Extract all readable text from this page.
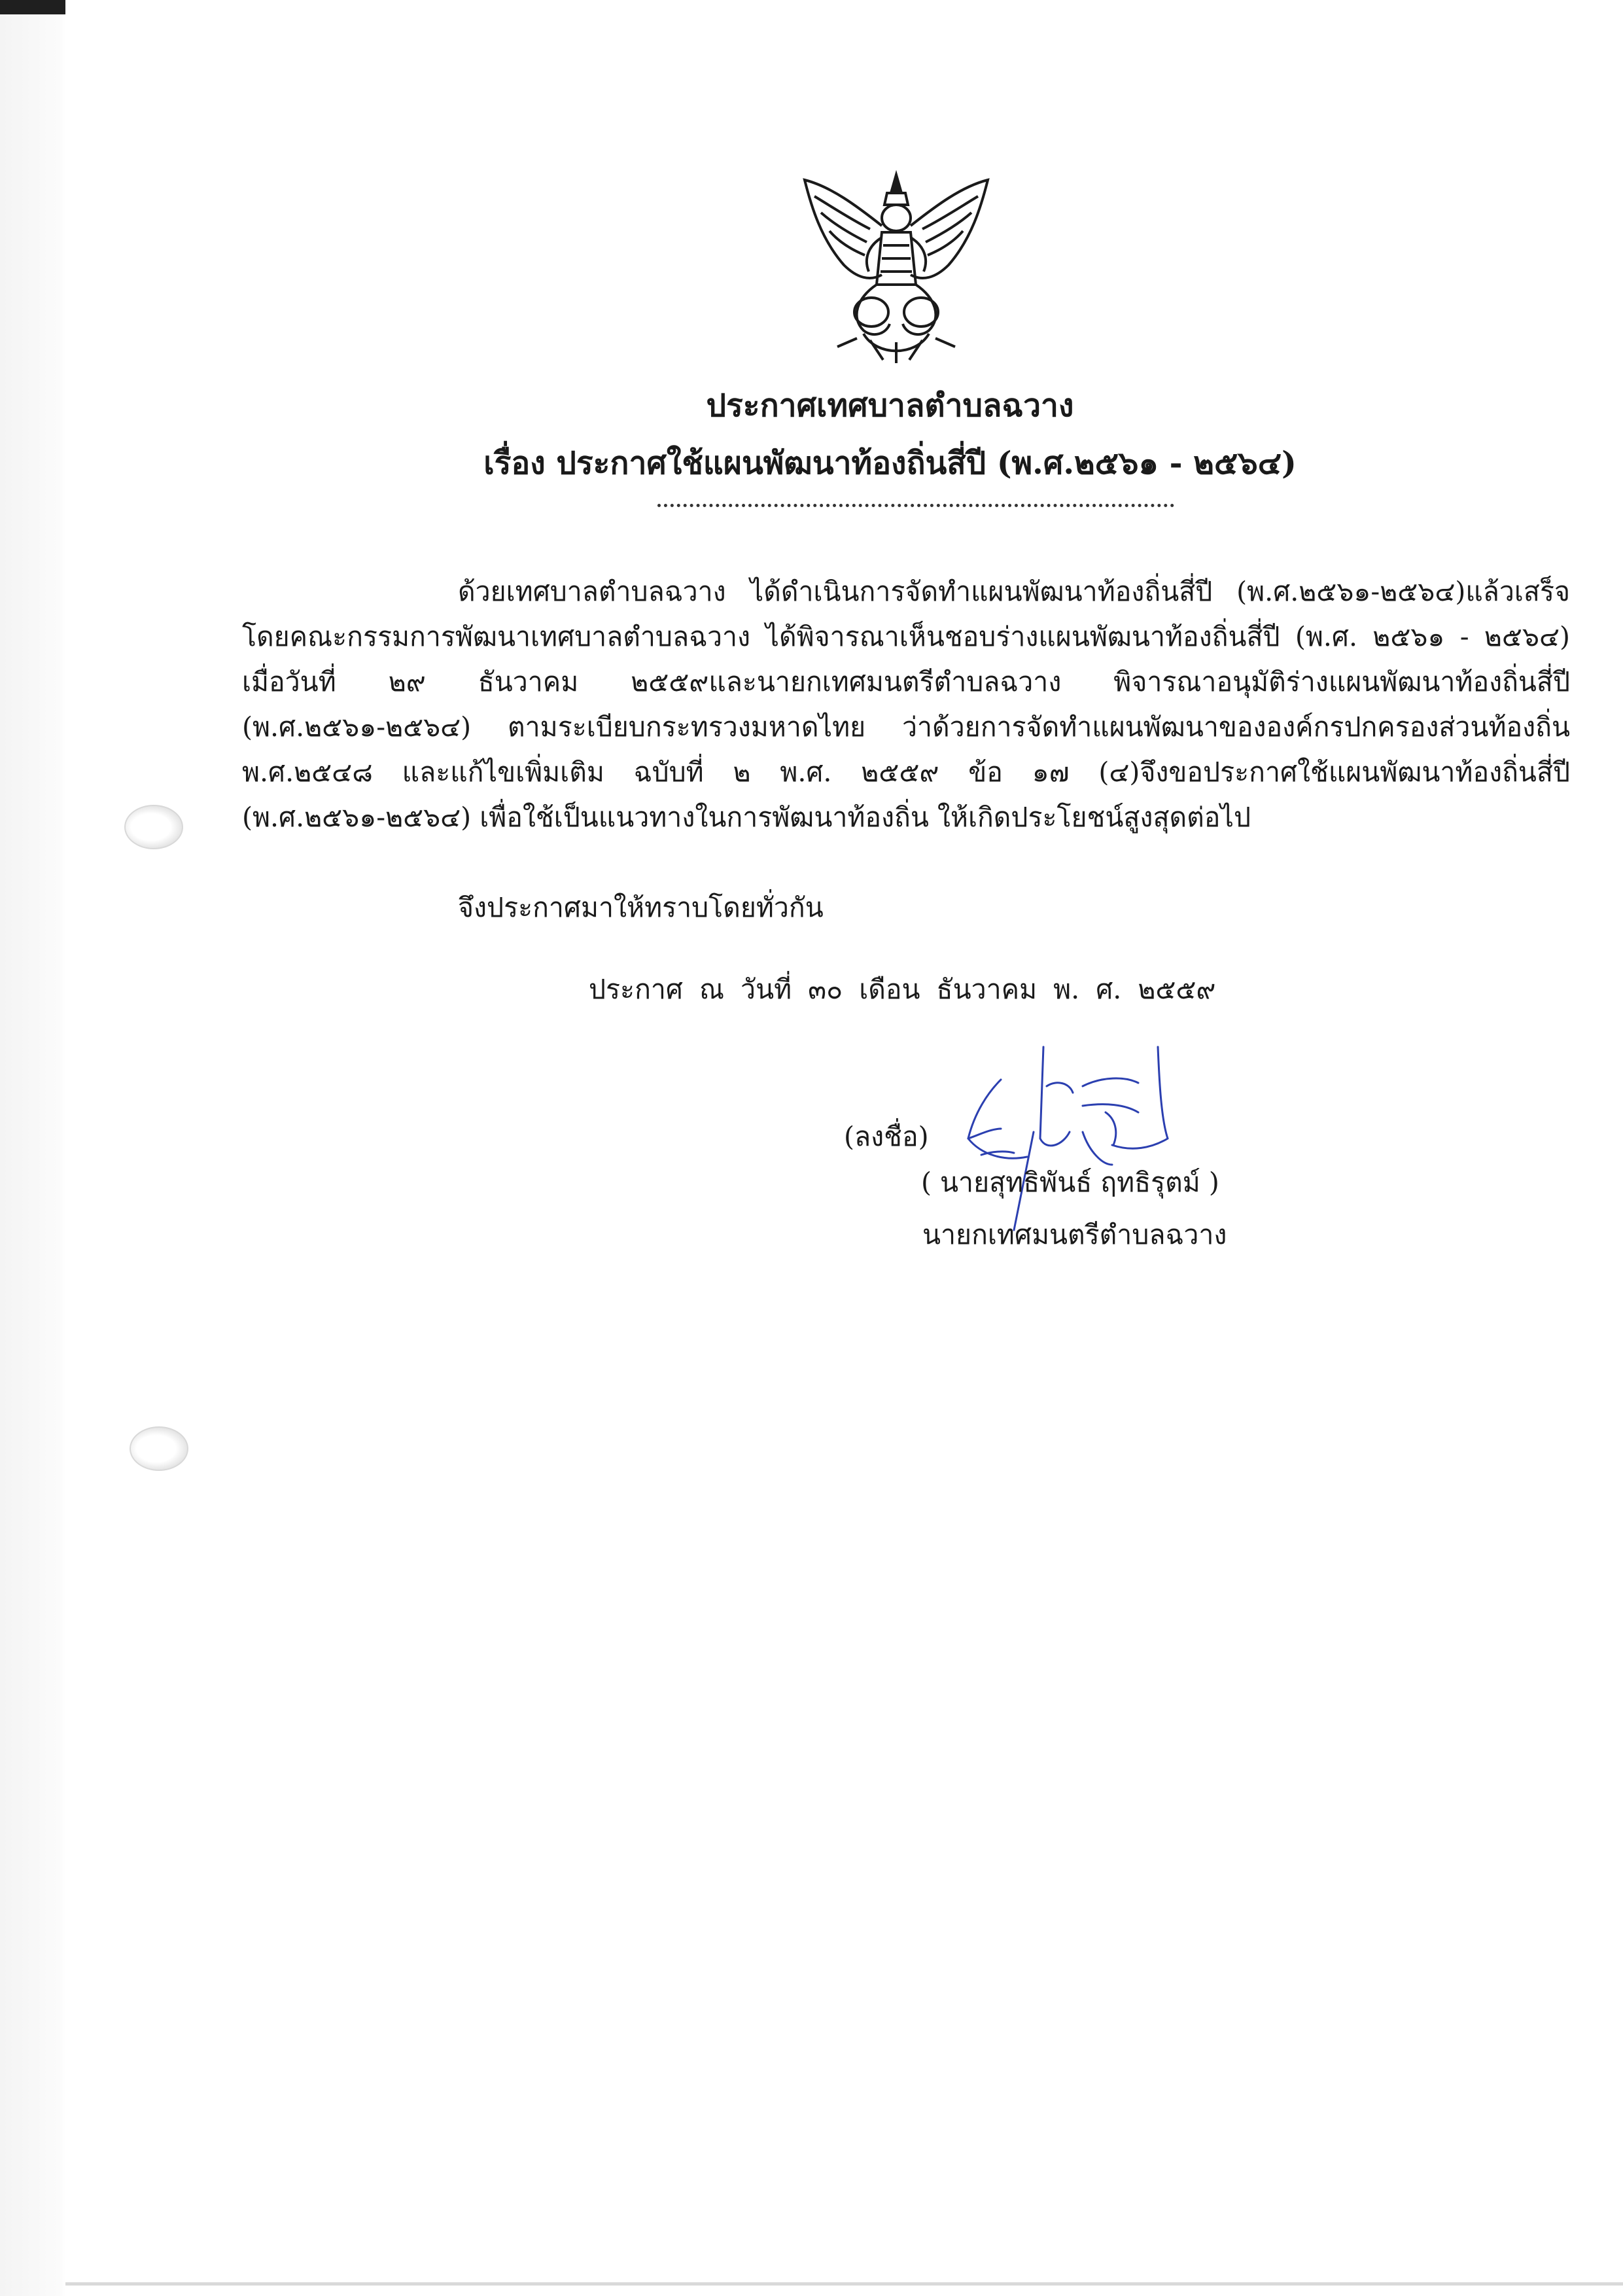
ประกาศเทศบาลตำบลฉวาง
เรื่อง ประกาศใช้แผนพัฒนาท้องถิ่นสี่ปี (พ.ศ.๒๕๖๑ - ๒๕๖๔)
ด้วยเทศบาลตำบลฉวาง ได้ดำเนินการจัดทำแผนพัฒนาท้องถิ่นสี่ปี (พ.ศ.๒๕๖๑-๒๕๖๔)แล้วเสร็จ โดยคณะกรรมการพัฒนาเทศบาลตำบลฉวาง ได้พิจารณาเห็นชอบร่างแผนพัฒนาท้องถิ่นสี่ปี (พ.ศ. ๒๕๖๑ - ๒๕๖๔) เมื่อวันที่ ๒๙ ธันวาคม ๒๕๕๙และนายกเทศมนตรีตำบลฉวาง พิจารณาอนุมัติร่างแผนพัฒนาท้องถิ่นสี่ปี (พ.ศ.๒๕๖๑-๒๕๖๔) ตามระเบียบกระทรวงมหาดไทย ว่าด้วยการจัดทำแผนพัฒนาขององค์กรปกครองส่วนท้องถิ่น พ.ศ.๒๕๔๘ และแก้ไขเพิ่มเติม ฉบับที่ ๒ พ.ศ. ๒๕๕๙ ข้อ ๑๗ (๔)จึงขอประกาศใช้แผนพัฒนาท้องถิ่นสี่ปี (พ.ศ.๒๕๖๑-๒๕๖๔) เพื่อใช้เป็นแนวทางในการพัฒนาท้องถิ่น ให้เกิดประโยชน์สูงสุดต่อไป
จึงประกาศมาให้ทราบโดยทั่วกัน
ประกาศ ณ วันที่ ๓๐ เดือน ธันวาคม พ. ศ. ๒๕๕๙
(ลงชื่อ)
( นายสุทธิพันธ์ ฤทธิรุตม์ )
นายกเทศมนตรีตำบลฉวาง
